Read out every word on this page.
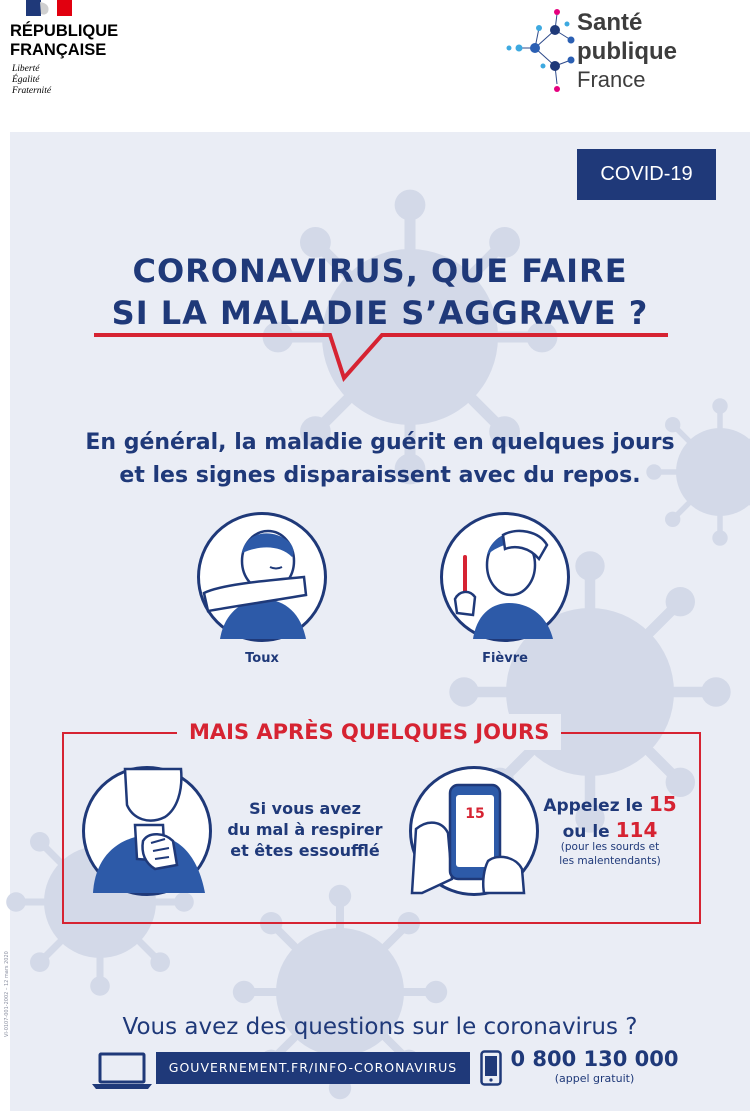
RÉPUBLIQUE
FRANÇAISE
Liberté
Égalité
Fraternité
Santé
publique
France
COVID-19
CORONAVIRUS, QUE FAIRE
SI LA MALADIE S’AGGRAVE ?
En général, la maladie guérit en quelques jours
et les signes disparaissent avec du repos.
Toux	Fièvre
MAIS APRÈS QUELQUES JOURS
Si vous avez
du mal à respirer
et êtes essoufflé
15	Appelez le 15
ou le 114
(pour les sourds et
les malentendants)
Vous avez des questions sur le coronavirus ?
GOUVERNEMENT.FR/INFO-CORONAVIRUS	0 800 130 000
(appel gratuit)
VI-0107-001-2002 – 12 mars 2020
